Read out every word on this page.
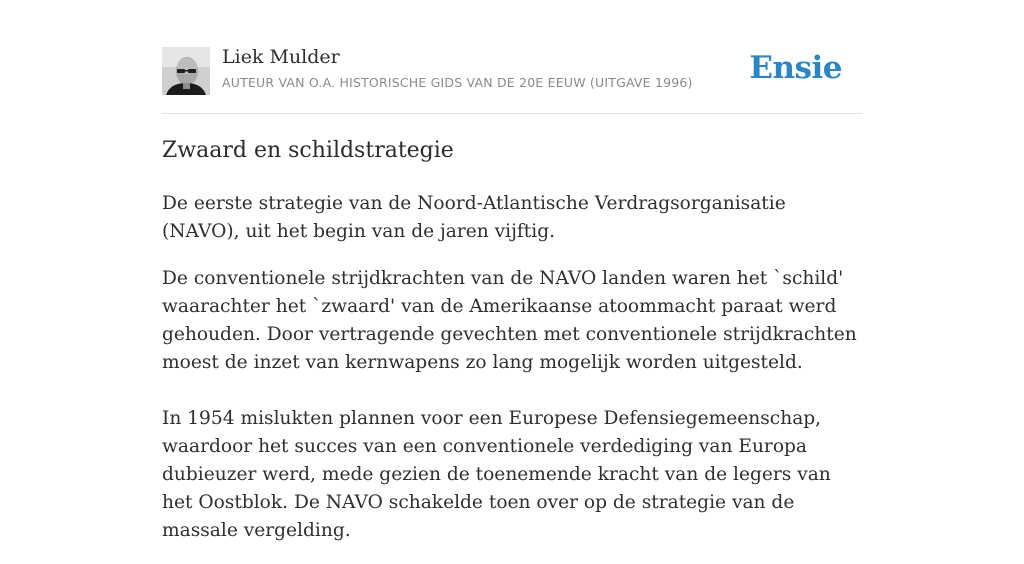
Liek Mulder
AUTEUR VAN O.A. HISTORISCHE GIDS VAN DE 20E EEUW (UITGAVE 1996) Ensie
Zwaard en schildstrategie

De eerste strategie van de Noord-Atlantische Verdragsorganisatie (NAVO), uit het begin van de jaren vijftig.

De conventionele strijdkrachten van de NAVO landen waren het `schild' waarachter het `zwaard' van de Amerikaanse atoommacht paraat werd gehouden. Door vertragende gevechten met conventionele strijdkrachten moest de inzet van kernwapens zo lang mogelijk worden uitgesteld.

In 1954 mislukten plannen voor een Europese Defensiegemeenschap, waardoor het succes van een conventionele verdediging van Europa dubieuzer werd, mede gezien de toenemende kracht van de legers van het Oostblok. De NAVO schakelde toen over op de strategie van de massale vergelding.
